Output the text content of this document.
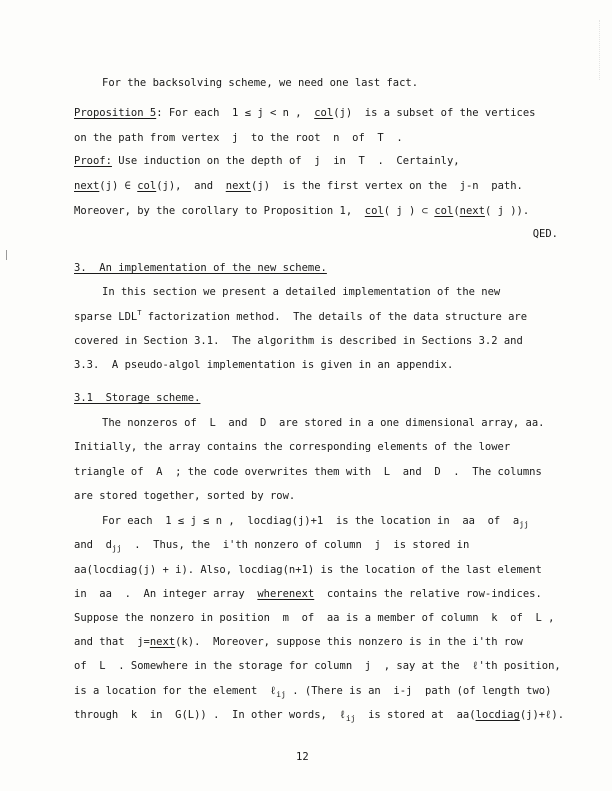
For the backsolving scheme, we need one last fact.
Proposition 5: For each  1 ≤ j < n ,  col(j)  is a subset of the vertices
on the path from vertex  j  to the root  n  of  T  .
Proof: Use induction on the depth of  j  in  T  .  Certainly,
next(j) ∈ col(j),  and  next(j)  is the first vertex on the  j-n  path.
Moreover, by the corollary to Proposition 1,  col( j ) ⊂ col(next( j )).
QED.
3.  An implementation of the new scheme.
In this section we present a detailed implementation of the new
sparse $LDL^T$ factorization method.  The details of the data structure are
covered in Section 3.1.  The algorithm is described in Sections 3.2 and
3.3.  A pseudo-algol implementation is given in an appendix.
3.1  Storage scheme.
The nonzeros of  L  and  D  are stored in a one dimensional array, aa.
Initially, the array contains the corresponding elements of the lower
triangle of  A  ; the code overwrites them with  L  and  D  .  The columns
are stored together, sorted by row.
For each  1 ≤ j ≤ n ,  locdiag(j)+1  is the location in  aa  of  $a_{jj}$
and  $d_{jj}$  .  Thus, the  i'th nonzero of column  j  is stored in
aa(locdiag(j) + i). Also, locdiag(n+1) is the location of the last element
in  aa  .  An integer array  wherenext  contains the relative row-indices.
Suppose the nonzero in position  m  of  aa is a member of column  k  of  L ,
and that  j=next(k).  Moreover, suppose this nonzero is in the i'th row
of  L  . Somewhere in the storage for column  j  , say at the  ℓ'th position,
is a location for the element  ℓ$_{ij}$ . (There is an  i-j  path (of length two)
through  k  in  G(L)) .  In other words,  ℓ$_{ij}$  is stored at  aa(locdiag(j)+ℓ).
12
